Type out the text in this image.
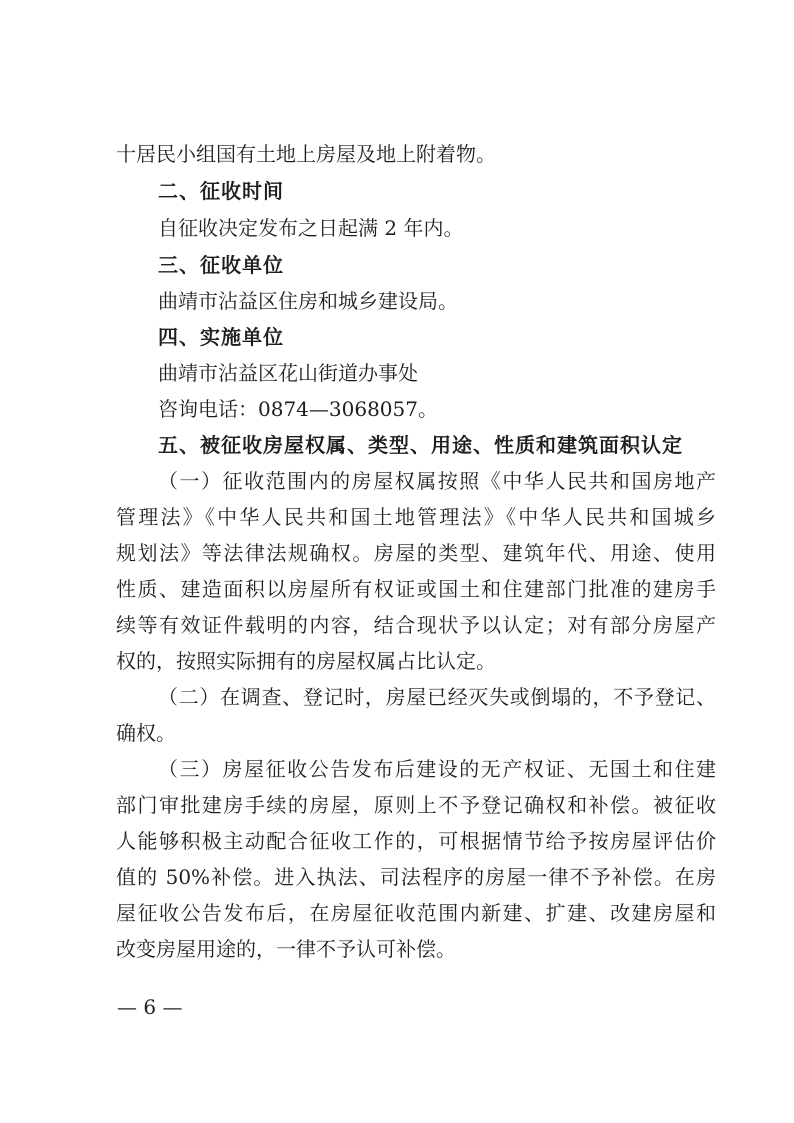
十居民小组国有土地上房屋及地上附着物。

二、征收时间

自征收决定发布之日起满 2 年内。

三、征收单位

曲靖市沾益区住房和城乡建设局。

四、实施单位

曲靖市沾益区花山街道办事处

咨询电话：0874—3068057。

五、被征收房屋权属、类型、用途、性质和建筑面积认定

（一）征收范围内的房屋权属按照《中华人民共和国房地产

管理法》《中华人民共和国土地管理法》《中华人民共和国城乡

规划法》等法律法规确权。房屋的类型、建筑年代、用途、使用

性质、建造面积以房屋所有权证或国土和住建部门批准的建房手

续等有效证件载明的内容，结合现状予以认定；对有部分房屋产

权的，按照实际拥有的房屋权属占比认定。

（二）在调查、登记时，房屋已经灭失或倒塌的，不予登记、

确权。

（三）房屋征收公告发布后建设的无产权证、无国土和住建

部门审批建房手续的房屋，原则上不予登记确权和补偿。被征收

人能够积极主动配合征收工作的，可根据情节给予按房屋评估价

值的 50%补偿。进入执法、司法程序的房屋一律不予补偿。在房

屋征收公告发布后，在房屋征收范围内新建、扩建、改建房屋和

改变房屋用途的，一律不予认可补偿。

— 6 —
